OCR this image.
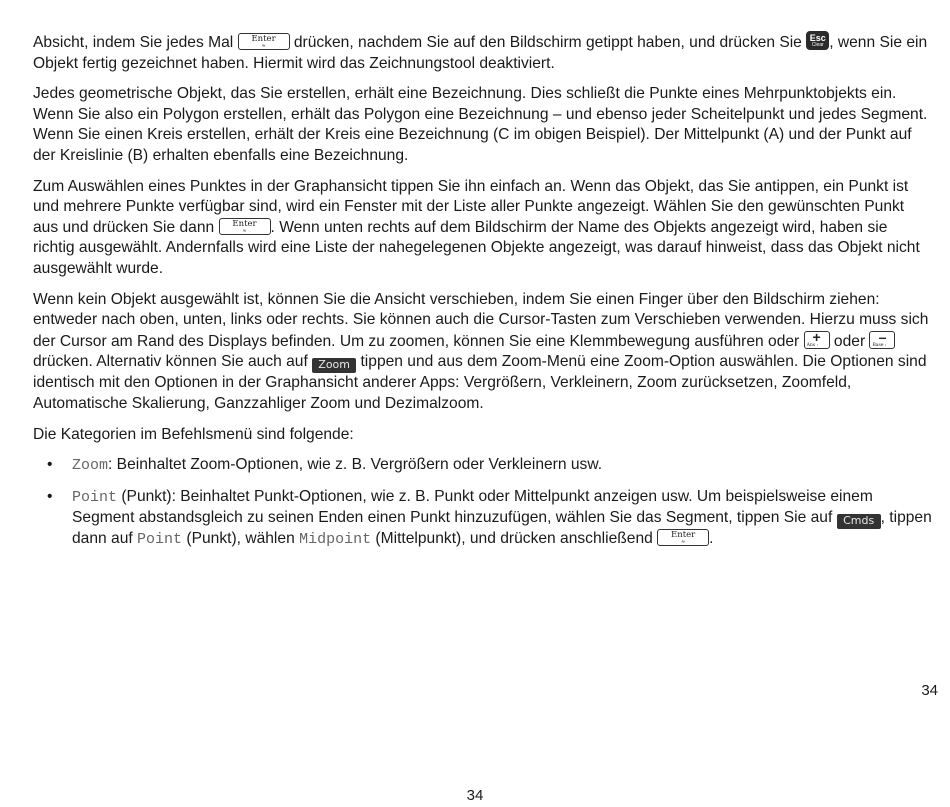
Absicht, indem Sie jedes Mal	Enter
≈	drücken, nachdem Sie auf den Bildschirm getippt haben, und drücken Sie Esc
Clear , wenn Sie ein Objekt fertig gezeichnet haben. Hiermit wird das Zeichnungstool deaktiviert.

Jedes geometrische Objekt, das Sie erstellen, erhält eine Bezeichnung. Dies schließt die Punkte eines Mehrpunktobjekts ein. Wenn Sie also ein Polygon erstellen, erhält das Polygon eine Bezeichnung – und ebenso jeder Scheitelpunkt und jedes Segment. Wenn Sie einen Kreis erstellen, erhält der Kreis eine Bezeichnung (C im obigen Beispiel). Der Mittelpunkt (A) und der Punkt auf der Kreislinie (B) erhalten ebenfalls eine Bezeichnung.

Zum Auswählen eines Punktes in der Graphansicht tippen Sie ihn einfach an. Wenn das Objekt, das Sie antippen, ein Punkt ist und mehrere Punkte verfügbar sind, wird ein Fenster mit der Liste aller Punkte angezeigt. Wählen Sie den gewünschten Punkt aus und drücken Sie dann	Enter
≈	. Wenn unten rechts auf dem Bildschirm der Name des Objekts angezeigt wird, haben sie richtig ausgewählt. Andernfalls wird eine Liste der nahegelegenen Objekte angezeigt, was darauf hinweist, dass das Objekt nicht ausgewählt wurde.

Wenn kein Objekt ausgewählt ist, können Sie die Ansicht verschieben, indem Sie einen Finger über den Bildschirm ziehen: entweder nach oben, unten, links oder rechts. Sie können auch die Cursor-Tasten zum Verschieben verwenden. Hierzu muss sich der Cursor am Rand des Displays befinden. Um zu zoomen, können Sie eine Klemmbewegung ausführen oder +
Ans : oder –
Base :
drücken. Alternativ können Sie auch auf Zoom tippen und aus dem Zoom-Menü eine Zoom-Option auswählen. Die Optionen sind identisch mit den Optionen in der Graphansicht anderer Apps: Vergrößern, Verkleinern, Zoom zurücksetzen, Zoomfeld, Automatische Skalierung, Ganzzahliger Zoom und Dezimalzoom.

Die Kategorien im Befehlsmenü sind folgende:

• Zoom: Beinhaltet Zoom-Optionen, wie z. B. Vergrößern oder Verkleinern usw.
• Point (Punkt): Beinhaltet Punkt-Optionen, wie z. B. Punkt oder Mittelpunkt anzeigen usw. Um beispielsweise einem Segment abstandsgleich zu seinen Enden einen Punkt hinzuzufügen, wählen Sie das Segment, tippen Sie auf Cmds , tippen dann auf Point (Punkt), wählen Midpoint (Mittelpunkt), und drücken anschließend	Enter
≈	.
34
34
